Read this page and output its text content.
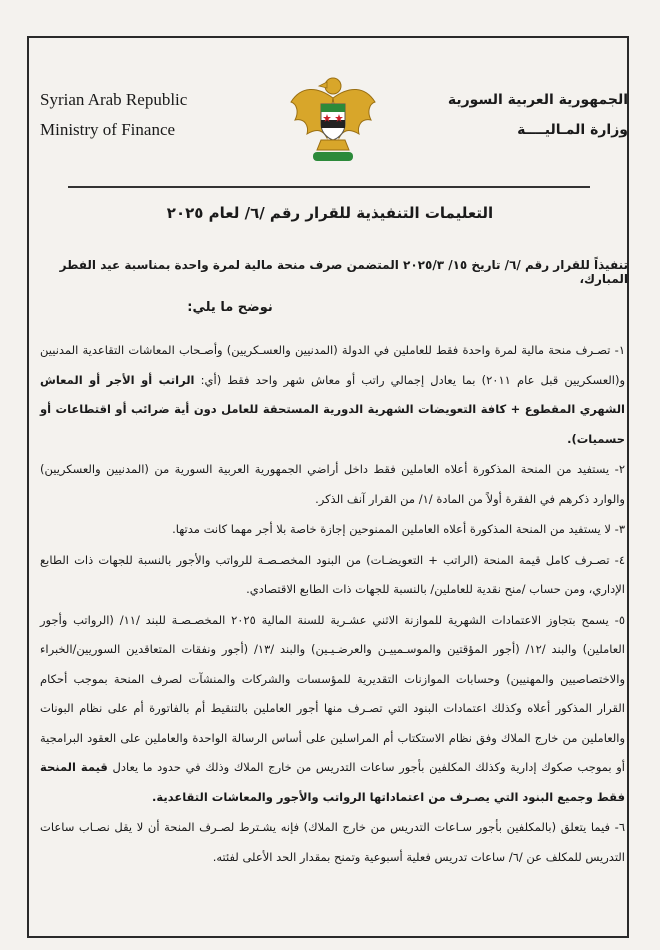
Syrian Arab Republic
Ministry of Finance
الجمهورية العربية السورية
وزارة المـاليــــة
التعليمات التنفيذية للقرار رقم /٦/ لعام ٢٠٢٥
تنفيذاً للقرار رقم /٦/ تاريخ ١٥/ ٢٠٢٥/٣ المتضمن صرف منحة مالية لمرة واحدة بمناسبة عيد الفطر المبارك،
نوضح ما يلي:

١- تصـرف منحة مالية لمرة واحدة فقط للعاملين في الدولة (المدنيين والعسـكريين) وأصـحاب المعاشات التقاعدية المدنيين و(العسكريين قبل عام ٢٠١١) بما يعادل إجمالي راتب أو معاش شهر واحد فقط (أي: الراتب أو الأجر أو المعاش الشهري المقطوع + كافة التعويضات الشهرية الدورية المستحقة للعامل دون أية ضرائب أو اقتطاعات أو حسميات).

٢- يستفيد من المنحة المذكورة أعلاه العاملين فقط داخل أراضي الجمهورية العربية السورية من (المدنيين والعسكريين) والوارد ذكرهم في الفقرة أولاً من المادة /١/ من القرار آنف الذكر.

٣- لا يستفيد من المنحة المذكورة أعلاه العاملين الممنوحين إجازة خاصة بلا أجر مهما كانت مدتها.

٤- تصـرف كامل قيمة المنحة (الراتب + التعويضـات) من البنود المخصـصـة للرواتب والأجور بالنسبة للجهات ذات الطابع الإداري، ومن حساب /منح نقدية للعاملين/ بالنسبة للجهات ذات الطابع الاقتصادي.

٥- يسمح بتجاوز الاعتمادات الشهرية للموازنة الاثني عشـرية للسنة المالية ٢٠٢٥ المخصـصـة للبند /١١/ (الرواتب وأجور العاملين) والبند /١٢/ (أجور المؤقتين والموسـمييـن والعرضـيـين) والبند /١٣/ (أجور ونفقات المتعاقدين السوريين/الخبراء والاختصاصيين والمهنيين) وحسابات الموازنات التقديرية للمؤسسات والشركات والمنشآت لصرف المنحة بموجب أحكام القرار المذكور أعلاه وكذلك اعتمادات البنود التي تصـرف منها أجور العاملين بالتنقيط أم بالفاتورة أم على نظام البونات والعاملين من خارج الملاك وفق نظام الاستكتاب أم المراسلين على أساس الرسالة الواحدة والعاملين على العقود البرامجية أو بموجب صكوك إدارية وكذلك المكلفين بأجور ساعات التدريس من خارج الملاك وذلك في حدود ما يعادل قيمة المنحة فقط وجميع البنود التي يصـرف من اعتماداتها الرواتب والأجور والمعاشات التقاعدية.

٦- فيما يتعلق (بالمكلفين بأجور سـاعات التدريس من خارج الملاك) فإنه يشـترط لصـرف المنحة أن لا يقل نصـاب ساعات التدريس للمكلف عن /٦/ ساعات تدريس فعلية أسبوعية وتمنح بمقدار الحد الأعلى لفئته.
